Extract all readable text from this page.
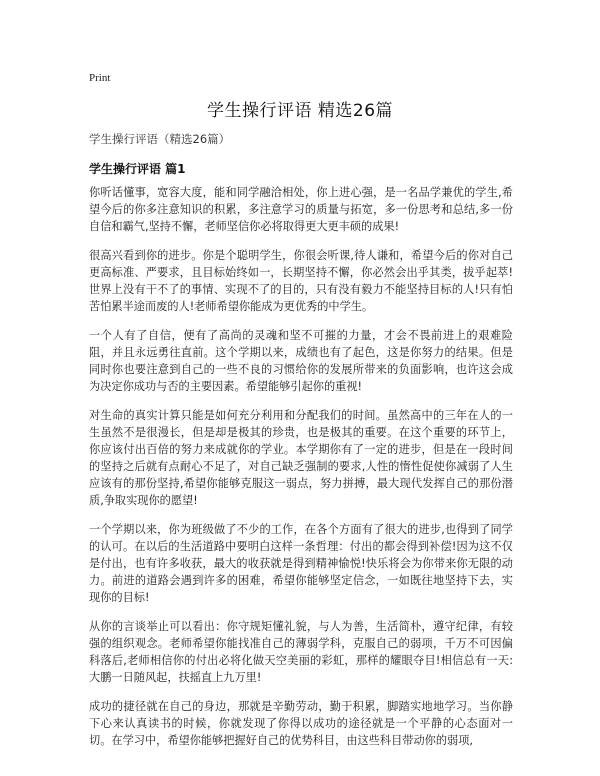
Print
学生操行评语 精选26篇
学生操行评语（精选26篇）
学生操行评语 篇1

你听话懂事，宽容大度，能和同学融洽相处，你上进心强，是一名品学兼优的学生,希望今后的你多注意知识的积累，多注意学习的质量与拓宽，多一份思考和总结,多一份自信和霸气,坚持不懈，老师坚信你必将取得更大更丰硕的成果!

很高兴看到你的进步。你是个聪明学生，你很会听课,待人谦和，希望今后的你对自己更高标准、严要求，且目标始终如一，长期坚持不懈，你必然会出乎其类，拔乎起萃!世界上没有干不了的事情、实现不了的目的，只有没有毅力不能坚持目标的人!只有怕苦怕累半途而废的人!老师希望你能成为更优秀的中学生。

一个人有了自信，便有了高尚的灵魂和坚不可摧的力量，才会不畏前进上的艰难险阻，并且永远勇往直前。这个学期以来，成绩也有了起色，这是你努力的结果。但是同时你也要注意到自己的一些不良的习惯给你的发展所带来的负面影响，也许这会成为决定你成功与否的主要因素。希望能够引起你的重视!

对生命的真实计算只能是如何充分利用和分配我们的时间。虽然高中的三年在人的一生虽然不是很漫长，但是却是极其的珍贵，也是极其的重要。在这个重要的环节上，你应该付出百倍的努力来成就你的学业。本学期你有了一定的进步，但是在一段时间的坚持之后就有点耐心不足了，对自己缺乏强制的要求,人性的惰性促使你减弱了人生应该有的那份坚持,希望你能够克服这一弱点，努力拼搏，最大现代发挥自己的那份潜质,争取实现你的愿望!

一个学期以来，你为班级做了不少的工作，在各个方面有了很大的进步,也得到了同学的认可。在以后的生活道路中要明白这样一条哲理：付出的都会得到补偿!因为这不仅是付出，也有许多收获，最大的收获就是得到精神愉悦!快乐将会为你带来你无限的动力。前进的道路会遇到许多的困难，希望你能够坚定信念，一如既往地坚持下去，实现你的目标!

从你的言谈举止可以看出：你守规矩懂礼貌，与人为善，生活简朴，遵守纪律，有较强的组织观念。老师希望你能找准自己的薄弱学科，克服自己的弱项，千万不可因偏科落后,老师相信你的付出必将化做天空美丽的彩虹，那样的耀眼夺目!相信总有一天:大鹏一日随风起，扶摇直上九万里!

成功的捷径就在自己的身边，那就是辛勤劳动，勤于积累，脚踏实地地学习。当你静下心来认真读书的时候，你就发现了你得以成功的途径就是一个平静的心态面对一切。在学习中，希望你能够把握好自己的优势科目，由这些科目带动你的弱项,
